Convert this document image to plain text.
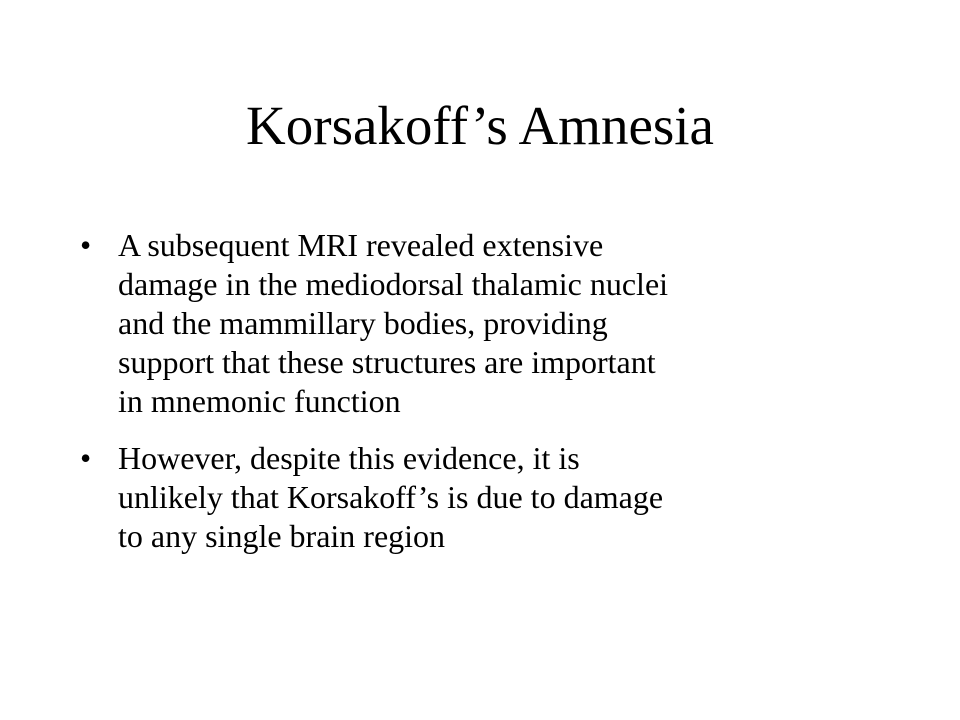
Korsakoff’s Amnesia
• A subsequent MRI revealed extensive
damage in the mediodorsal thalamic nuclei
and the mammillary bodies, providing
support that these structures are important
in mnemonic function
• However, despite this evidence, it is
unlikely that Korsakoff’s is due to damage
to any single brain region
